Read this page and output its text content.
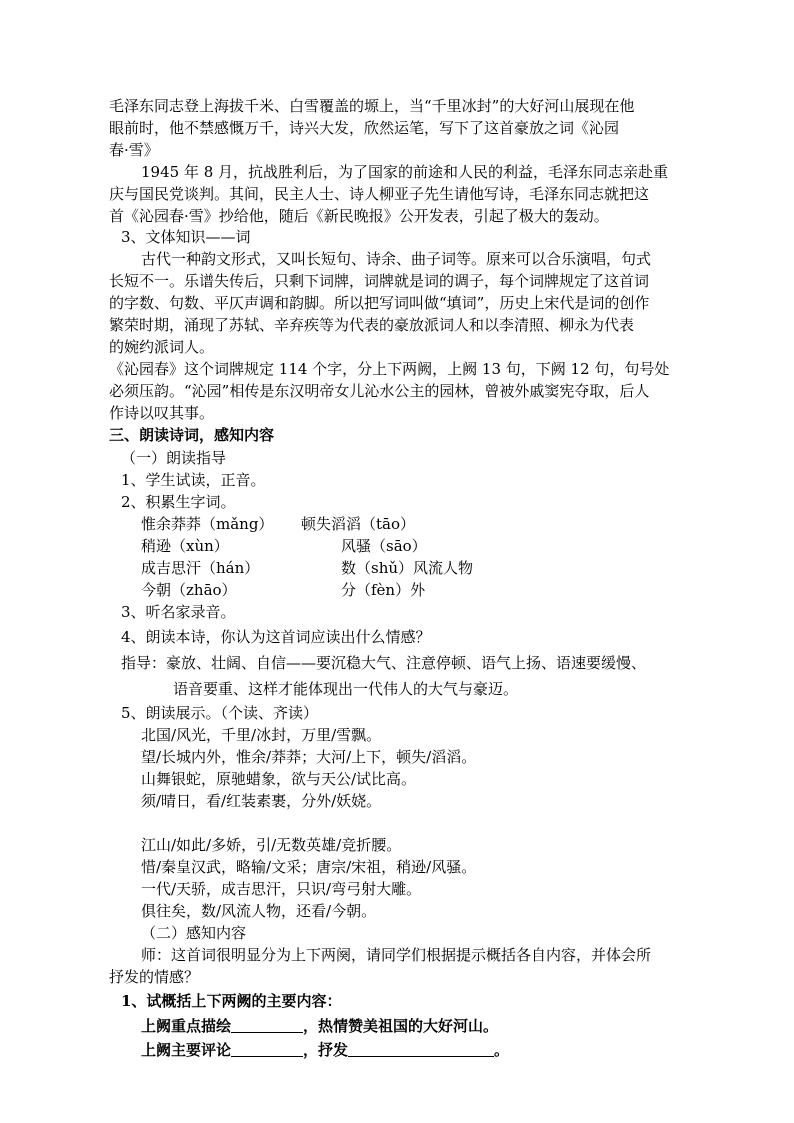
毛泽东同志登上海拔千米、白雪覆盖的塬上，当“千里冰封”的大好河山展现在他
眼前时，他不禁感慨万千，诗兴大发，欣然运笔，写下了这首豪放之词《沁园
春·雪》
1945 年 8 月，抗战胜利后，为了国家的前途和人民的利益，毛泽东同志亲赴重
庆与国民党谈判。其间，民主人士、诗人柳亚子先生请他写诗，毛泽东同志就把这
首《沁园春·雪》抄给他，随后《新民晚报》公开发表，引起了极大的轰动。
3、文体知识——词
古代一种韵文形式，又叫长短句、诗余、曲子词等。原来可以合乐演唱，句式
长短不一。乐谱失传后，只剩下词牌，词牌就是词的调子，每个词牌规定了这首词
的字数、句数、平仄声调和韵脚。所以把写词叫做“填词”，历史上宋代是词的创作
繁荣时期，涌现了苏轼、辛弃疾等为代表的豪放派词人和以李清照、柳永为代表
的婉约派词人。
《沁园春》这个词牌规定 114 个字，分上下两阙，上阙 13 句，下阙 12 句，句号处
必须压韵。“沁园”相传是东汉明帝女儿沁水公主的园林，曾被外戚窦宪夺取，后人
作诗以叹其事。
三、朗读诗词，感知内容
（一）朗读指导
1、学生试读，正音。
2、积累生字词。
惟余莽莽（mǎng） 顿失滔滔（tāo）
稍逊（xùn）	风骚（sāo）
成吉思汗（hán）	数（shǔ）风流人物
今朝（zhāo）	分（fèn）外
3、听名家录音。
4、朗读本诗，你认为这首词应读出什么情感？
指导：豪放、壮阔、自信——要沉稳大气、注意停顿、语气上扬、语速要缓慢、
语音要重、这样才能体现出一代伟人的大气与豪迈。
5、朗读展示。（个读、齐读）
北国/风光，千里/冰封，万里/雪飘。
望/长城内外，惟余/莽莽；大河/上下，顿失/滔滔。
山舞银蛇，原驰蜡象，欲与天公/试比高。
须/晴日，看/红装素裹，分外/妖娆。
江山/如此/多娇，引/无数英雄/竞折腰。
惜/秦皇汉武，略输/文采；唐宗/宋祖，稍逊/风骚。
一代/天骄，成吉思汗，只识/弯弓射大雕。
俱往矣，数/风流人物，还看/今朝。
（二）感知内容
师：这首词很明显分为上下两阕，请同学们根据提示概括各自内容，并体会所
抒发的情感？
1、试概括上下两阙的主要内容：
上阙重点描绘	，热情赞美祖国的大好河山。
上阙主要评论	，抒发	。
